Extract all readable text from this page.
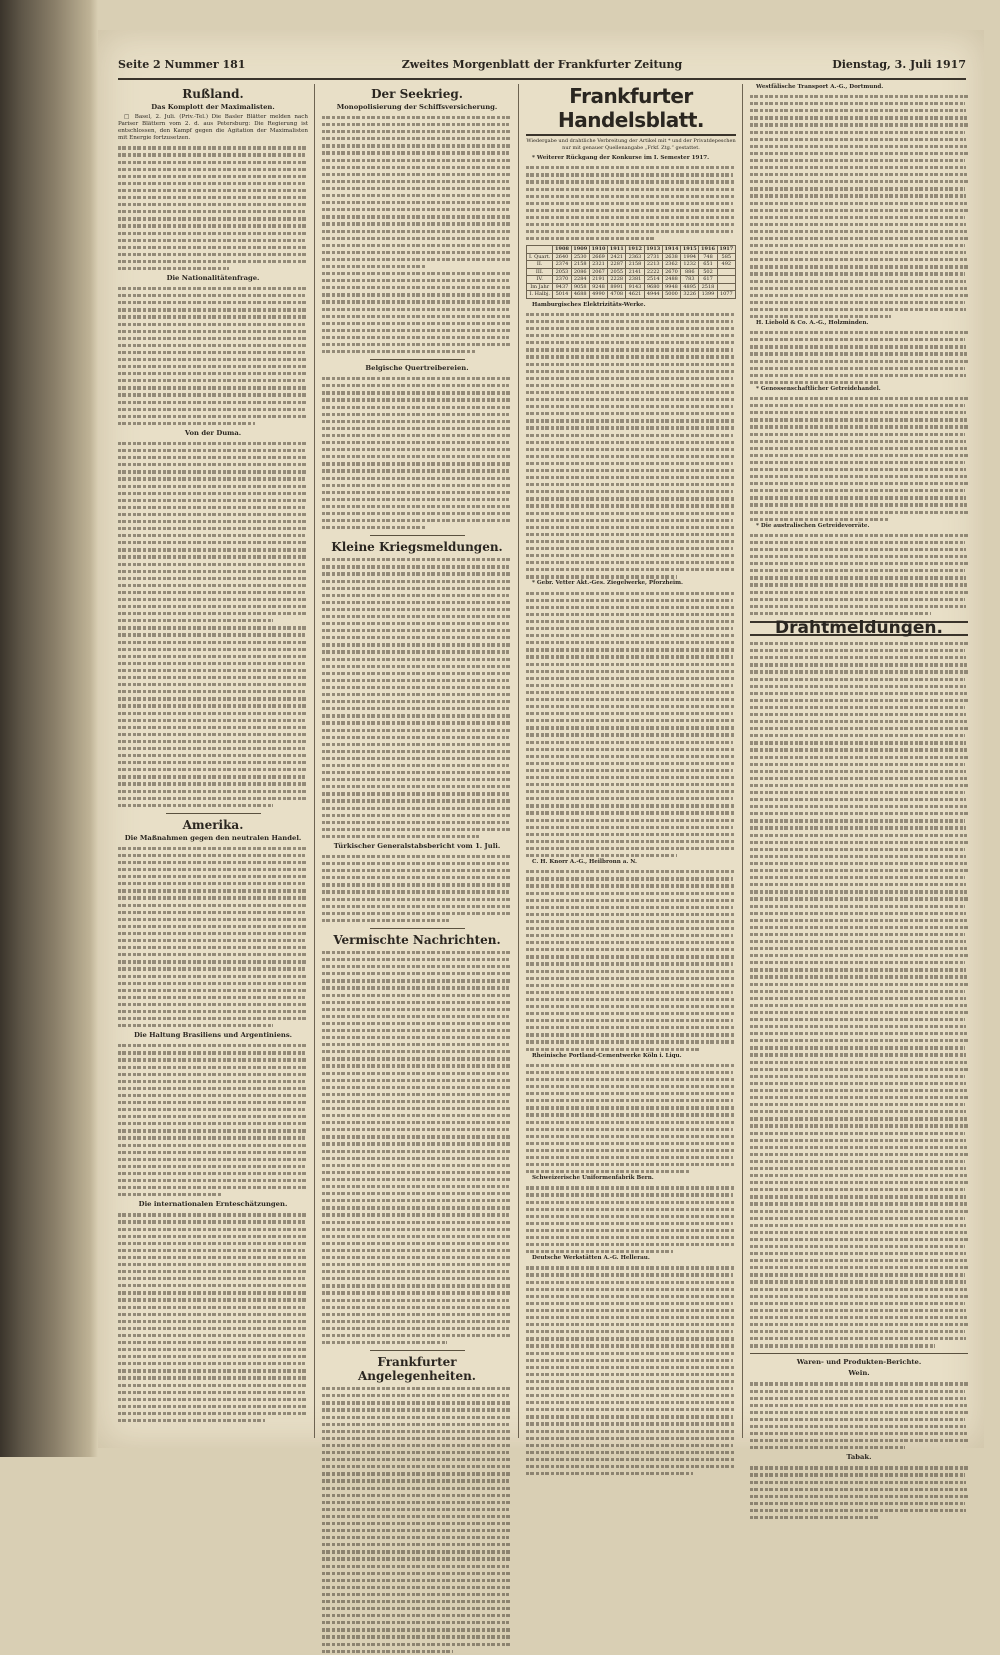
Seite 2 Nummer 181	Zweites Morgenblatt der Frankfurter Zeitung	Dienstag, 3. Juli 1917
Rußland.
Das Komplott der Maximalisten.
□ Basel, 2. Juli. (Priv.-Tel.) Die Basler Blätter melden nach Pariser Blättern vom 2. d. aus Petersburg: Die Regierung ist entschlossen, den Kampf gegen die Agitation der Maximalisten mit Energie fortzusetzen.
Die Nationalitätenfrage.
Von der Duma.
Amerika.
Die Maßnahmen gegen den neutralen Handel.
Die Haltung Brasiliens und Argentiniens.
Die internationalen Ernteschätzungen.
Der Seekrieg.
Monopolisierung der Schiffsversicherung.
Belgische Quertreibereien.
Kleine Kriegsmeldungen.
Türkischer Generalstabsbericht vom 1. Juli.
Vermischte Nachrichten.
Frankfurter Angelegenheiten.
Frankfurter Handelsblatt.
Wiedergabe und drahtliche Verbreitung der Artikel mit * und der Privatdepeschen nur mit genauer Quellenangabe „Frkf. Ztg.“ gestattet.
* Weiterer Rückgang der Konkurse im I. Semester 1917.
	1908	1909	1910	1911	1912	1913	1914	1915	1916	1917
I. Quart.	2640	2530	2669	2421	2363	2731	2638	1994	748	585
II.	2374	2158	2321	2287	2158	2213	2362	1232	651	492
III.	2053	2086	2067	2055	2141	2222	2670	886	502	
IV.	2370	2284	2191	2228	2381	2514	2488	783	617	
Im Jahr	9437	9058	9248	8991	9143	9680	9948	4895	2518	
I. Halbj.	5014	4688	4990	4708	4621	4944	5000	3226	1399	1077
Hamburgisches Elektrizitäts-Werke.
* Gebr. Vetter Akt.-Ges. Ziegelwerke, Pforzheim.
C. H. Knorr A.-G., Heilbronn a. N.
Rheinische Portland-Cementwerke Köln i. Liqu.
Schweizerische Uniformenfabrik Bern.
Deutsche Werkstätten A.-G. Hellerau.
Westfälische Transport A.-G., Dortmund.
H. Liebold & Co. A.-G., Holzminden.
* Genossenschaftlicher Getreidehandel.
* Die australischen Getreidevorräte.
Drahtmeldungen.
Waren- und Produkten-Berichte.
Wein.
Tabak.
